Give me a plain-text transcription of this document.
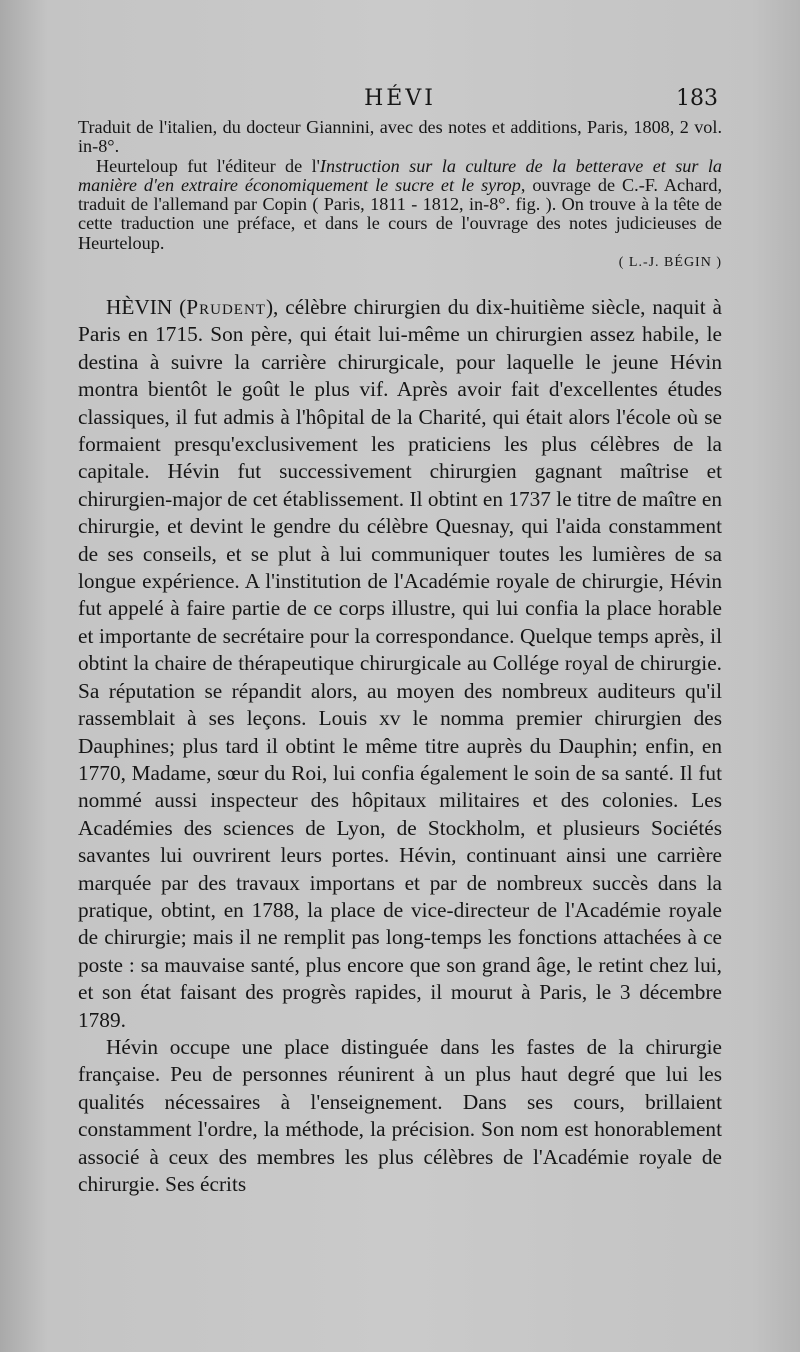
HÉVI	183

Traduit de l'italien, du docteur Giannini, avec des notes et additions, Paris, 1808, 2 vol. in-8°.

Heurteloup fut l'éditeur de l'Instruction sur la culture de la betterave et sur la manière d'en extraire économiquement le sucre et le syrop, ouvrage de C.-F. Achard, traduit de l'allemand par Copin ( Paris, 1811 - 1812, in-8°. fig. ). On trouve à la tête de cette traduction une préface, et dans le cours de l'ouvrage des notes judicieuses de Heurteloup.

( L.-J. BÉGIN )

HÈVIN (Prudent), célèbre chirurgien du dix-huitième siècle, naquit à Paris en 1715. Son père, qui était lui-même un chirurgien assez habile, le destina à suivre la carrière chirurgicale, pour laquelle le jeune Hévin montra bientôt le goût le plus vif. Après avoir fait d'excellentes études classiques, il fut admis à l'hôpital de la Charité, qui était alors l'école où se formaient presqu'exclusivement les praticiens les plus célèbres de la capitale. Hévin fut successivement chirurgien gagnant maîtrise et chirurgien-major de cet établissement. Il obtint en 1737 le titre de maître en chirurgie, et devint le gendre du célèbre Quesnay, qui l'aida constamment de ses conseils, et se plut à lui communiquer toutes les lumières de sa longue expérience. A l'institution de l'Académie royale de chirurgie, Hévin fut appelé à faire partie de ce corps illustre, qui lui confia la place horable et importante de secrétaire pour la correspondance. Quelque temps après, il obtint la chaire de thérapeutique chirurgicale au Collége royal de chirurgie. Sa réputation se répandit alors, au moyen des nombreux auditeurs qu'il rassemblait à ses leçons. Louis xv le nomma premier chirurgien des Dauphines; plus tard il obtint le même titre auprès du Dauphin; enfin, en 1770, Madame, sœur du Roi, lui confia également le soin de sa santé. Il fut nommé aussi inspecteur des hôpitaux militaires et des colonies. Les Académies des sciences de Lyon, de Stockholm, et plusieurs Sociétés savantes lui ouvrirent leurs portes. Hévin, continuant ainsi une carrière marquée par des travaux importans et par de nombreux succès dans la pratique, obtint, en 1788, la place de vice-directeur de l'Académie royale de chirurgie; mais il ne remplit pas long-temps les fonctions attachées à ce poste : sa mauvaise santé, plus encore que son grand âge, le retint chez lui, et son état faisant des progrès rapides, il mourut à Paris, le 3 décembre 1789.

Hévin occupe une place distinguée dans les fastes de la chirurgie française. Peu de personnes réunirent à un plus haut degré que lui les qualités nécessaires à l'enseignement. Dans ses cours, brillaient constamment l'ordre, la méthode, la précision. Son nom est honorablement associé à ceux des membres les plus célèbres de l'Académie royale de chirurgie. Ses écrits
